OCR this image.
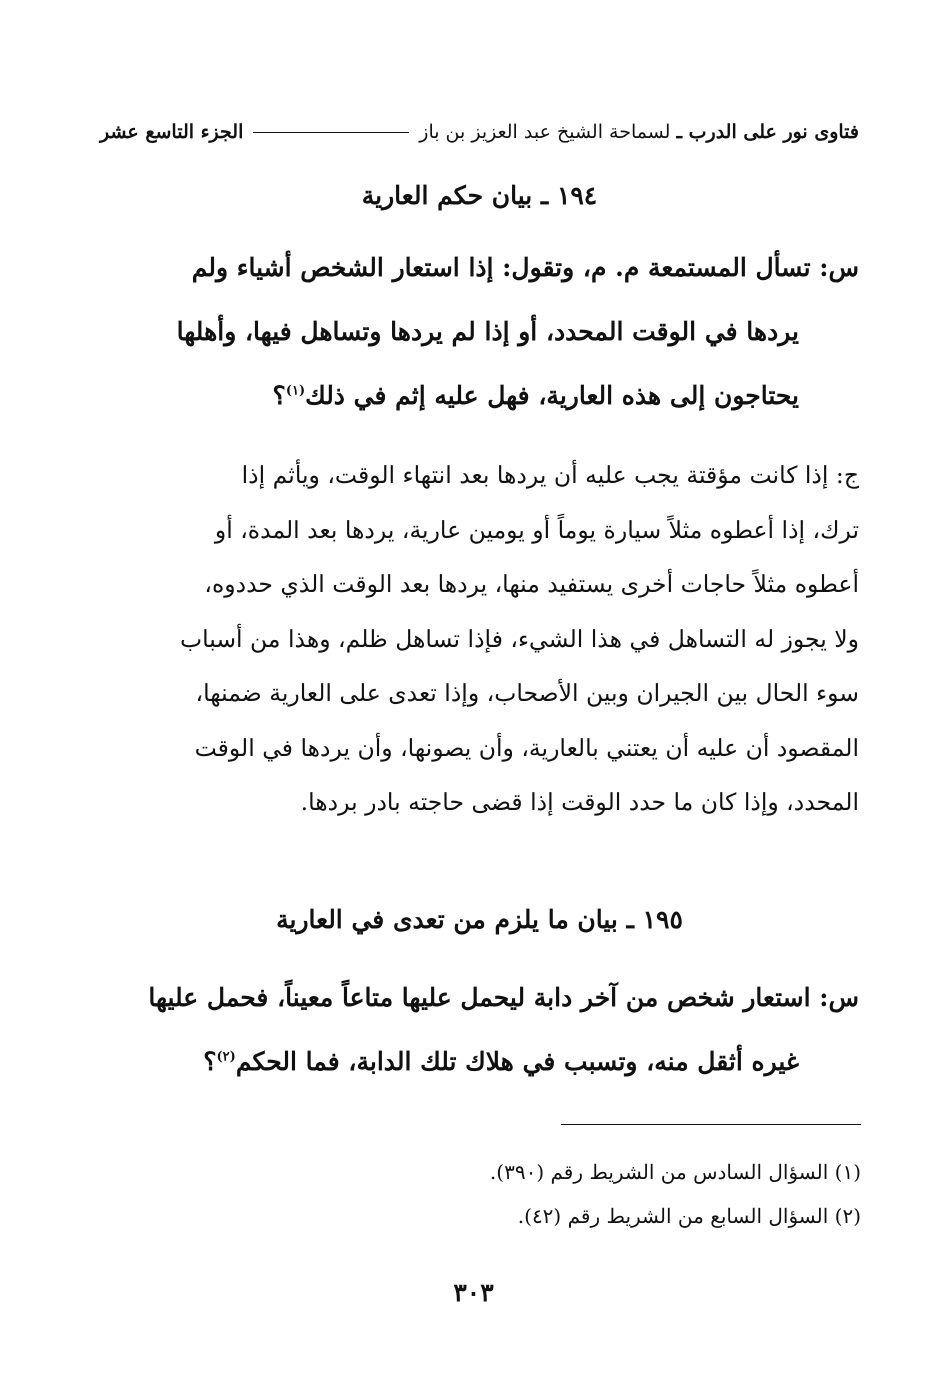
فتاوى نور على الدرب ـ
لسماحة الشيخ عبد العزيز بن باز
الجزء التاسع عشر
١٩٤ ـ بيان حكم العارية
س: تسأل المستمعة م. م، وتقول: إذا استعار الشخص أشياء ولم
يردها في الوقت المحدد، أو إذا لم يردها وتساهل فيها، وأهلها
يحتاجون إلى هذه العارية، فهل عليه إثم في ذلك$^{(١)}$؟
ج: إذا كانت مؤقتة يجب عليه أن يردها بعد انتهاء الوقت، ويأثم إذا
ترك، إذا أعطوه مثلاً سيارة يوماً أو يومين عارية، يردها بعد المدة، أو
أعطوه مثلاً حاجات أخرى يستفيد منها، يردها بعد الوقت الذي حددوه،
ولا يجوز له التساهل في هذا الشيء، فإذا تساهل ظلم، وهذا من أسباب
سوء الحال بين الجيران وبين الأصحاب، وإذا تعدى على العارية ضمنها،
المقصود أن عليه أن يعتني بالعارية، وأن يصونها، وأن يردها في الوقت
المحدد، وإذا كان ما حدد الوقت إذا قضى حاجته بادر بردها.
١٩٥ ـ بيان ما يلزم من تعدى في العارية
س: استعار شخص من آخر دابة ليحمل عليها متاعاً معيناً، فحمل عليها
غيره أثقل منه، وتسبب في هلاك تلك الدابة، فما الحكم$^{(٢)}$؟
(١) السؤال السادس من الشريط رقم (٣٩٠).
(٢) السؤال السابع من الشريط رقم (٤٢).
٣٠٣
